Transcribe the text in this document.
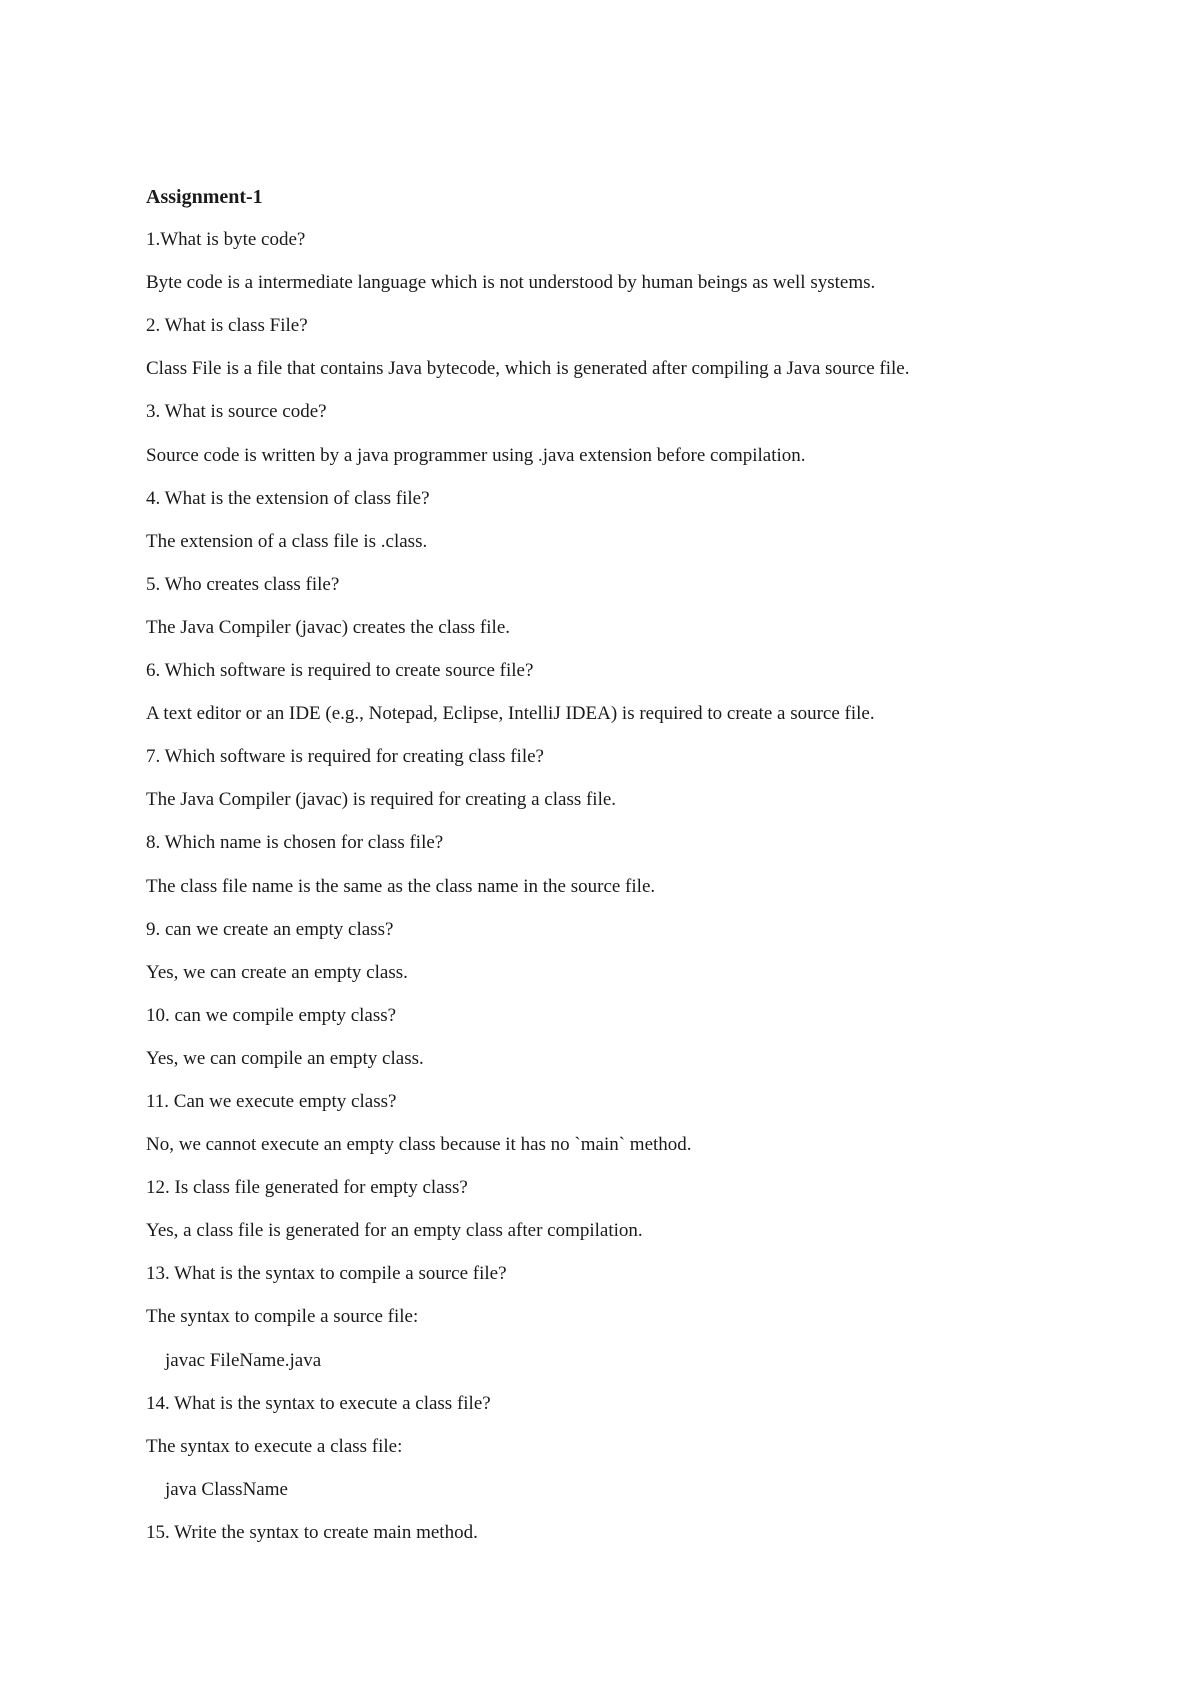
Assignment-1
1.What is byte code?
Byte code is a intermediate language which is not understood by human beings as well systems.
2. What is class File?
Class File is a file that contains Java bytecode, which is generated after compiling a Java source file.
3. What is source code?
Source code is written by a java programmer using .java extension before compilation.
4. What is the extension of class file?
The extension of a class file is .class.
5. Who creates class file?
The Java Compiler (javac) creates the class file.
6. Which software is required to create source file?
A text editor or an IDE (e.g., Notepad, Eclipse, IntelliJ IDEA) is required to create a source file.
7. Which software is required for creating class file?
The Java Compiler (javac) is required for creating a class file.
8. Which name is chosen for class file?
The class file name is the same as the class name in the source file.
9. can we create an empty class?
Yes, we can create an empty class.
10. can we compile empty class?
Yes, we can compile an empty class.
11. Can we execute empty class?
No, we cannot execute an empty class because it has no `main` method.
12. Is class file generated for empty class?
Yes, a class file is generated for an empty class after compilation.
13. What is the syntax to compile a source file?
The syntax to compile a source file:
javac FileName.java
14. What is the syntax to execute a class file?
The syntax to execute a class file:
java ClassName
15. Write the syntax to create main method.
